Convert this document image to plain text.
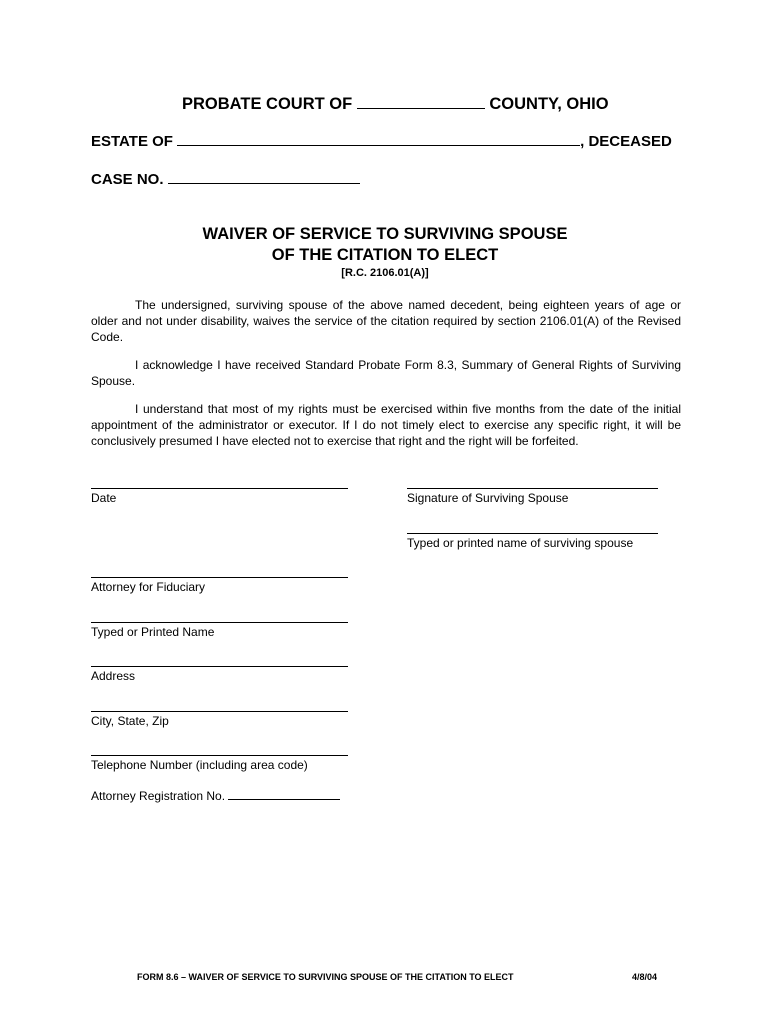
PROBATE COURT OF	COUNTY, OHIO
ESTATE OF	, DECEASED
CASE NO.
WAIVER OF SERVICE TO SURVIVING SPOUSE
OF THE CITATION TO ELECT
[R.C. 2106.01(A)]
The undersigned, surviving spouse of the above named decedent, being eighteen years of age or older and not under disability, waives the service of the citation required by section 2106.01(A) of the Revised Code.
I acknowledge I have received Standard Probate Form 8.3, Summary of General Rights of Surviving Spouse.
I understand that most of my rights must be exercised within five months from the date of the initial appointment of the administrator or executor. If I do not timely elect to exercise any specific right, it will be conclusively presumed I have elected not to exercise that right and the right will be forfeited.
Date	Signature of Surviving Spouse
Typed or printed name of surviving spouse
Attorney for Fiduciary
Typed or Printed Name
Address
City, State, Zip
Telephone Number (including area code)
Attorney Registration No.
FORM 8.6 – WAIVER OF SERVICE TO SURVIVING SPOUSE OF THE CITATION TO ELECT	4/8/04
